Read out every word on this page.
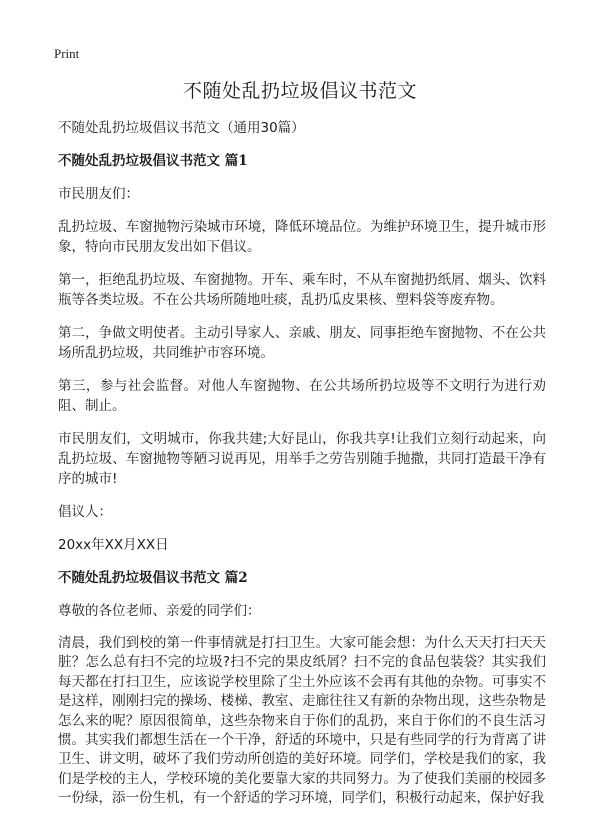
Print
不随处乱扔垃圾倡议书范文
不随处乱扔垃圾倡议书范文（通用30篇）
不随处乱扔垃圾倡议书范文 篇1
市民朋友们：
乱扔垃圾、车窗抛物污染城市环境，降低环境品位。为维护环境卫生，提升城市形象，特向市民朋友发出如下倡议。
第一，拒绝乱扔垃圾、车窗抛物。开车、乘车时，不从车窗抛扔纸屑、烟头、饮料瓶等各类垃圾。不在公共场所随地吐痰，乱扔瓜皮果核、塑料袋等废弃物。
第二，争做文明使者。主动引导家人、亲戚、朋友、同事拒绝车窗抛物、不在公共场所乱扔垃圾，共同维护市容环境。
第三，参与社会监督。对他人车窗抛物、在公共场所扔垃圾等不文明行为进行劝阻、制止。
市民朋友们，文明城市，你我共建;大好昆山，你我共享!让我们立刻行动起来，向乱扔垃圾、车窗抛物等陋习说再见，用举手之劳告别随手抛撒，共同打造最干净有序的城市!
倡议人：
20xx年XX月XX日
不随处乱扔垃圾倡议书范文 篇2
尊敬的各位老师、亲爱的同学们：
清晨，我们到校的第一件事情就是打扫卫生。大家可能会想：为什么天天打扫天天脏？怎么总有扫不完的垃圾?扫不完的果皮纸屑？扫不完的食品包装袋？其实我们每天都在打扫卫生，应该说学校里除了尘土外应该不会再有其他的杂物。可事实不是这样，刚刚扫完的操场、楼梯、教室、走廊往往又有新的杂物出现，这些杂物是怎么来的呢？原因很简单，这些杂物来自于你们的乱扔，来自于你们的不良生活习惯。其实我们都想生活在一个干净，舒适的环境中，只是有些同学的行为背离了讲卫生、讲文明，破坏了我们劳动所创造的美好环境。同学们，学校是我们的家，我们是学校的主人，学校环境的美化要靠大家的共同努力。为了使我们美丽的校园多一份绿，添一份生机，有一个舒适的学习环境，同学们，积极行动起来，保护好我
